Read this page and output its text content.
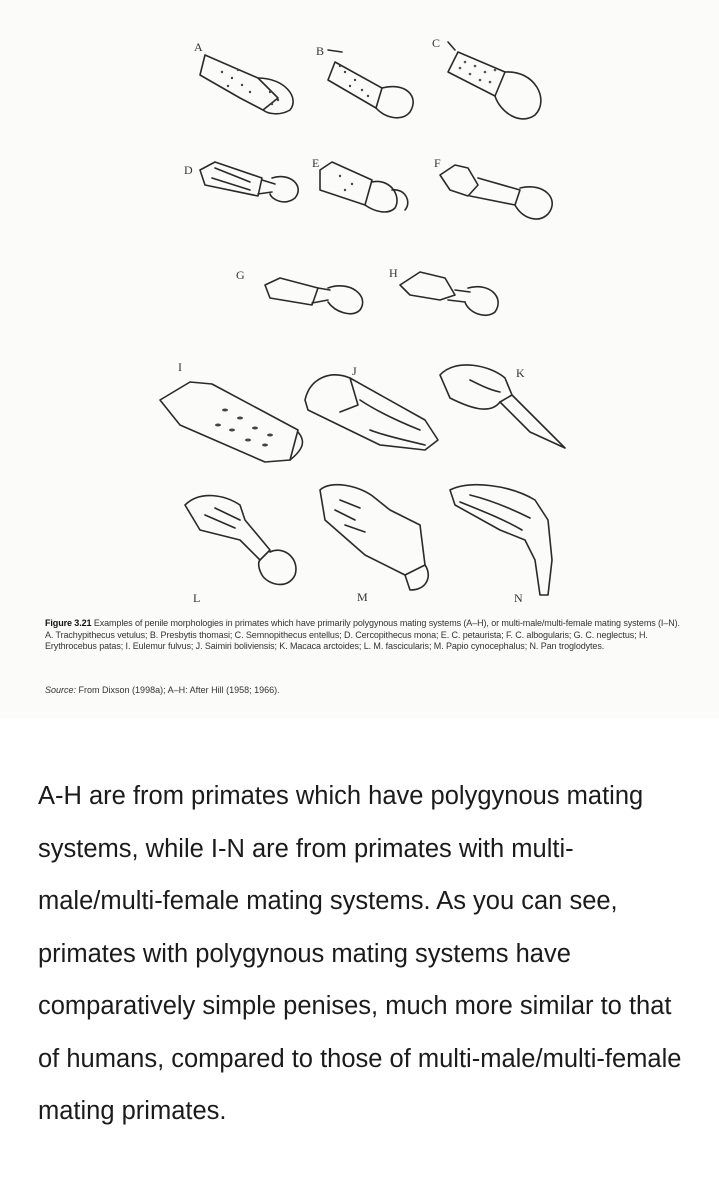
A	B
C
D	E	F
G	H
I	J	K
L	M	N
Figure 3.21 Examples of penile morphologies in primates which have primarily polygynous mating systems (A–H), or multi-male/multi-female mating systems (I–N). A. Trachypithecus vetulus; B. Presbytis thomasi; C. Semnopithecus entellus; D. Cercopithecus mona; E. C. petaurista; F. C. albogularis; G. C. neglectus; H. Erythrocebus patas; I. Eulemur fulvus; J. Saimiri boliviensis; K. Macaca arctoides; L. M. fascicularis; M. Papio cynocephalus; N. Pan troglodytes.
Source: From Dixson (1998a); A–H: After Hill (1958; 1966).

A-H are from primates which have polygynous mating systems, while I-N are from primates with multi-male/multi-female mating systems. As you can see, primates with polygynous mating systems have comparatively simple penises, much more similar to that of humans, compared to those of multi-male/multi-female mating primates.
